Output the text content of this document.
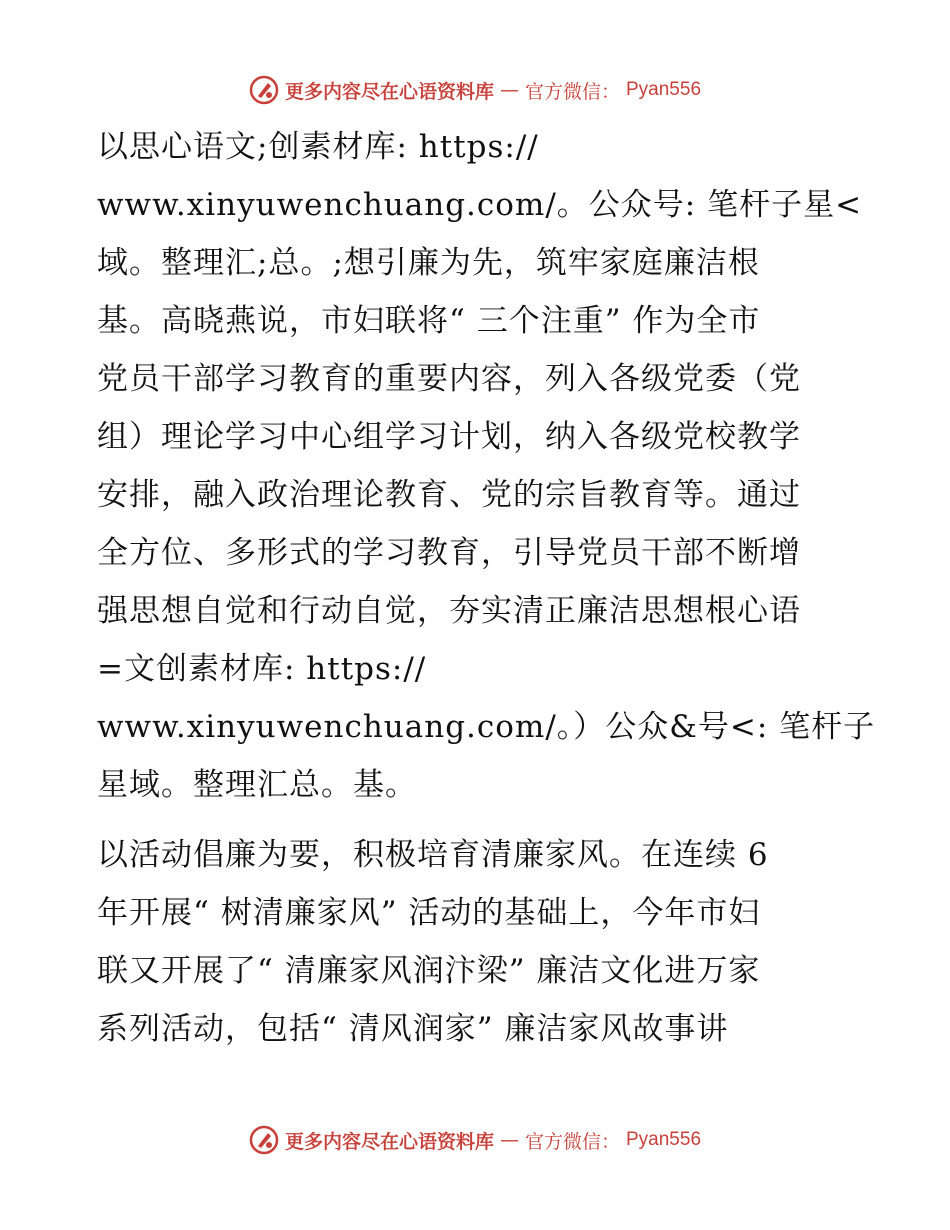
更多内容尽在心语资料库 — 官方微信： Pyan556
以思心语文;创素材库: https://
www.xinyuwenchuang.com/。公众号: 笔杆子星<
域。整理汇;总。;想引廉为先，筑牢家庭廉洁根
基。高晓燕说，市妇联将“ 三个注重” 作为全市
党员干部学习教育的重要内容，列入各级党委（党
组）理论学习中心组学习计划，纳入各级党校教学
安排，融入政治理论教育、党的宗旨教育等。通过
全方位、多形式的学习教育，引导党员干部不断增
强思想自觉和行动自觉，夯实清正廉洁思想根心语
=文创素材库: https://
www.xinyuwenchuang.com/。）公众&号<: 笔杆子
星域。整理汇总。基。
以活动倡廉为要，积极培育清廉家风。在连续 6
年开展“ 树清廉家风” 活动的基础上，今年市妇
联又开展了“ 清廉家风润汴梁” 廉洁文化进万家
系列活动，包括“ 清风润家” 廉洁家风故事讲
更多内容尽在心语资料库 — 官方微信： Pyan556
